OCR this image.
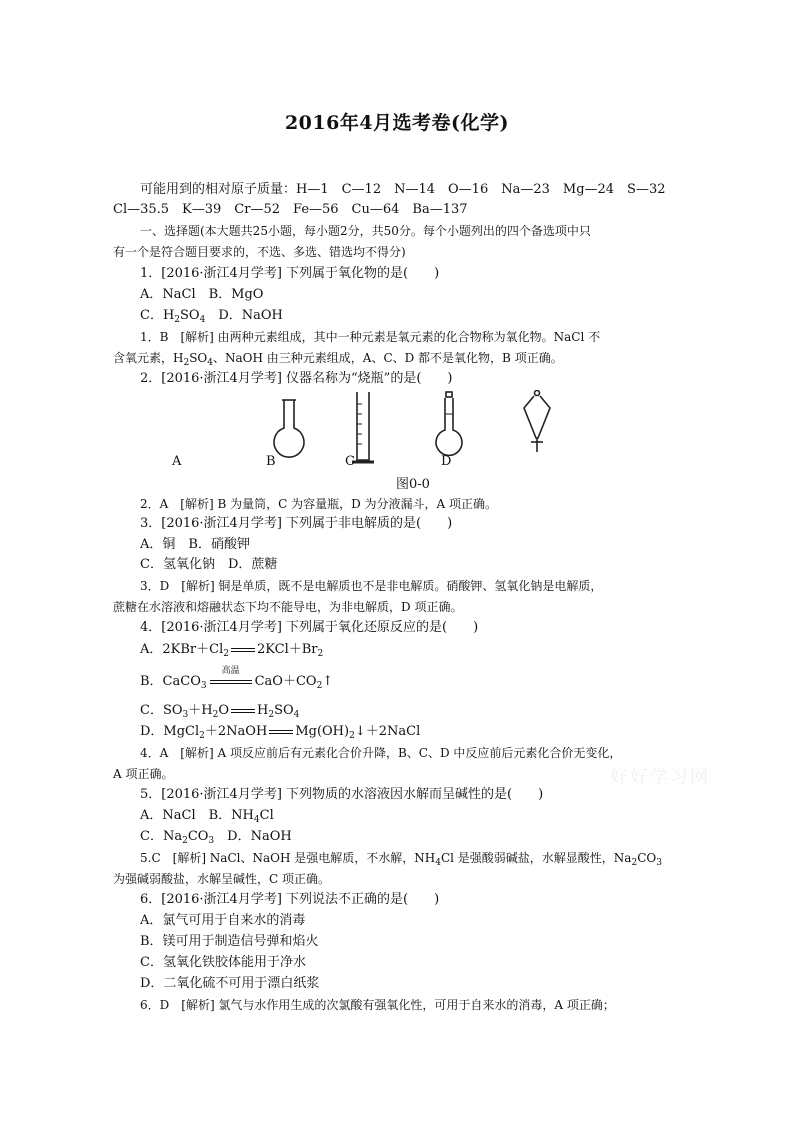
2016年4月选考卷(化学)
可能用到的相对原子质量：H—1　C—12　N—14　O—16　Na—23　Mg—24　S—32
Cl—35.5　K—39　Cr—52　Fe—56　Cu—64　Ba—137
一、选择题(本大题共25小题，每小题2分，共50分。每个小题列出的四个备选项中只
有一个是符合题目要求的，不选、多选、错选均不得分)
1．[2016·浙江4月学考] 下列属于氧化物的是(　　)
A．NaCl　B．MgO
C．$H_2SO_4$　D．NaOH
1．B　[解析] 由两种元素组成，其中一种元素是氧元素的化合物称为氧化物。NaCl 不
含氧元素，$H_2SO_4$、NaOH 由三种元素组成，A、C、D 都不是氧化物，B 项正确。
2．[2016·浙江4月学考] 仪器名称为“烧瓶”的是(　　)
A	B	C	D
图0-0
2．A　[解析] B 为量筒，C 为容量瓶，D 为分液漏斗，A 项正确。
3．[2016·浙江4月学考] 下列属于非电解质的是(　　)
A．铜　B．硝酸钾
C．氢氧化钠　D．蔗糖
3．D　[解析] 铜是单质，既不是电解质也不是非电解质。硝酸钾、氢氧化钠是电解质，
蔗糖在水溶液和熔融状态下均不能导电，为非电解质，D 项正确。
4．[2016·浙江4月学考] 下列属于氧化还原反应的是(　　)
A．$2KBr+Cl_2$ $2KCl+Br_2$
B．CaCO$_3$
高温
$CaO+CO_2↑$
C．$SO_3+H_2O$ $H_2SO_4$
D．MgCl$_2$＋2NaOH $Mg(OH)_2↓+2NaCl$
4．A　[解析] A 项反应前后有元素化合价升降，B、C、D 中反应前后元素化合价无变化，
A 项正确。
5．[2016·浙江4月学考] 下列物质的水溶液因水解而呈碱性的是(　　)
A．NaCl　B．$NH_4Cl$
C．$Na_2CO_3$　D．NaOH
5.C　[解析] NaCl、NaOH 是强电解质，不水解，$NH_4Cl$ 是强酸弱碱盐，水解显酸性，$Na_2CO_3$
为强碱弱酸盐，水解呈碱性，C 项正确。
6．[2016·浙江4月学考] 下列说法不正确的是(　　)
A．氯气可用于自来水的消毒
B．镁可用于制造信号弹和焰火
C．氢氧化铁胶体能用于净水
D．二氧化硫不可用于漂白纸浆
6．D　[解析] 氯气与水作用生成的次氯酸有强氧化性，可用于自来水的消毒，A 项正确；
好好学习网
